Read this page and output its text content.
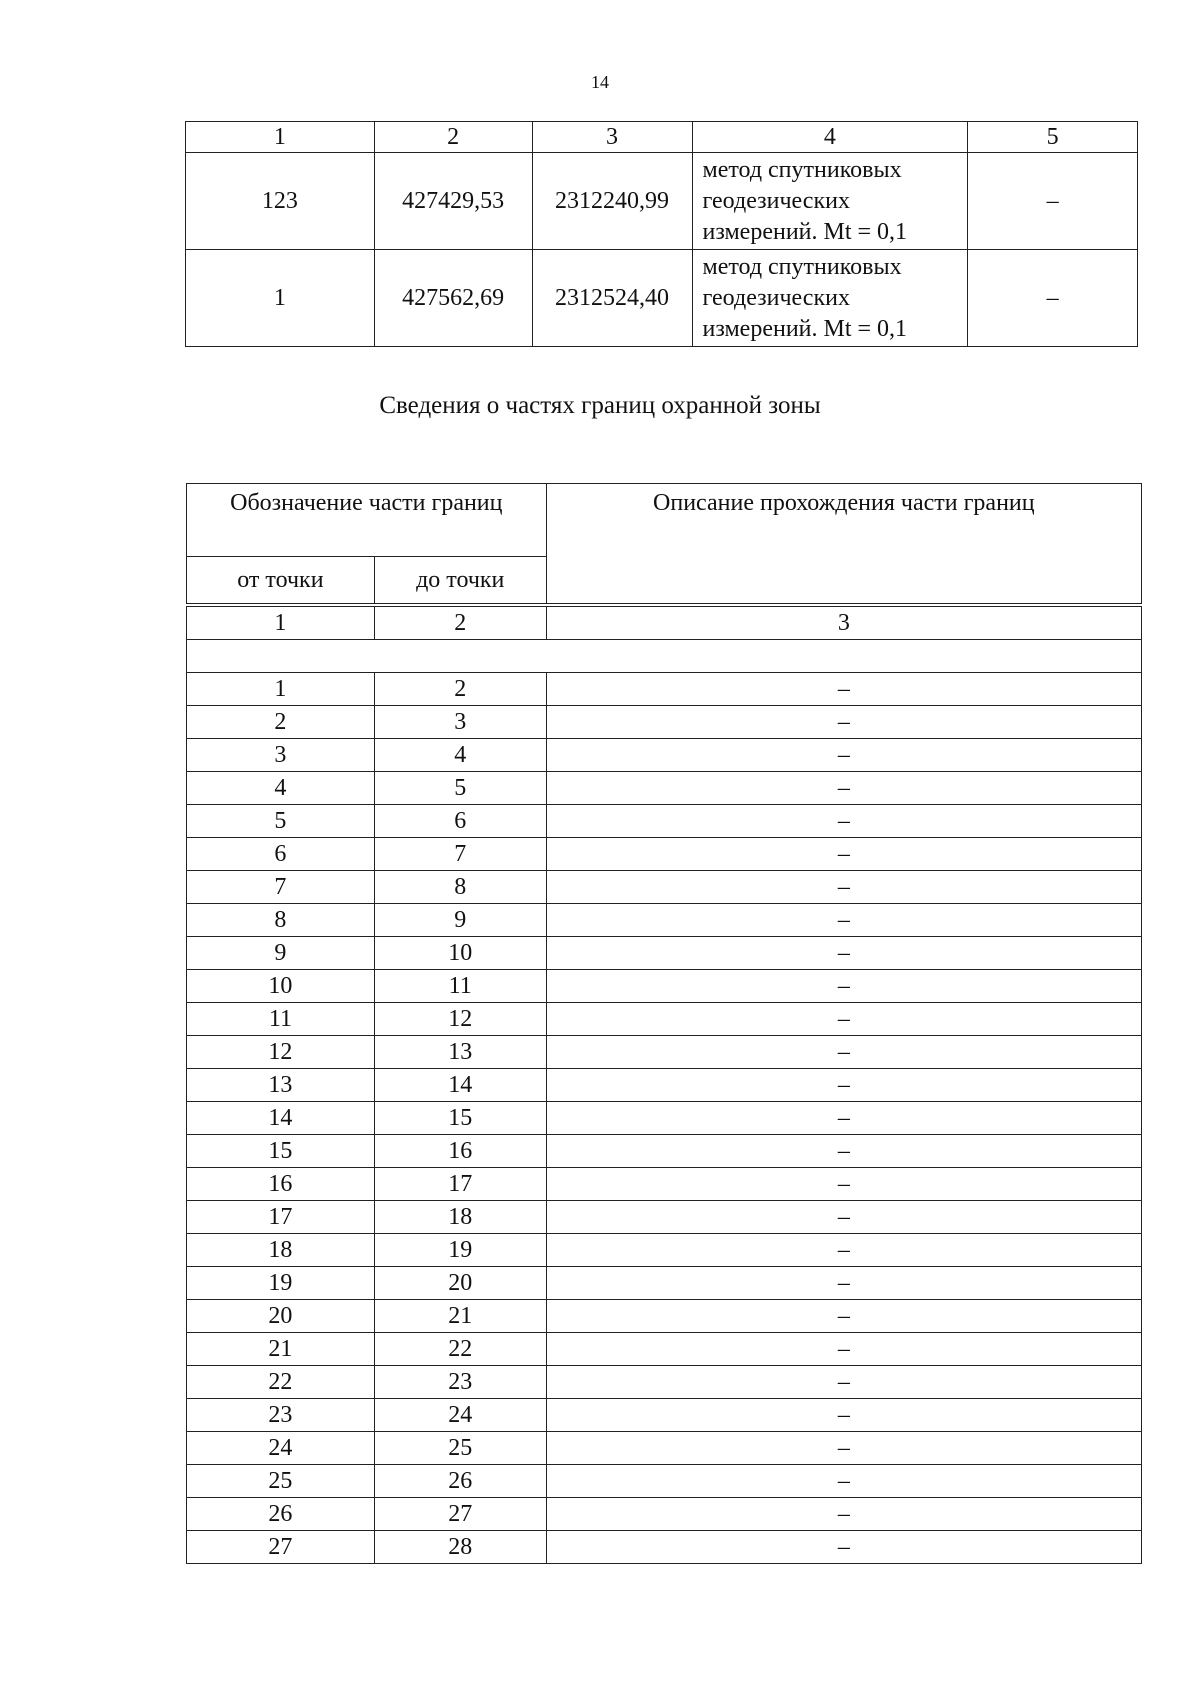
14
1	2	3	4	5
123	427429,53	2312240,99	метод спутниковых
геодезических
измерений. Mt = 0,1	–
1	427562,69	2312524,40	метод спутниковых
геодезических
измерений. Mt = 0,1	–
Сведения о частях границ охранной зоны
Обозначение части границ		Описание прохождения части границ
от точки	до точки	
1	2	3

1	2	–
2	3	–
3	4	–
4	5	–
5	6	–
6	7	–
7	8	–
8	9	–
9	10	–
10	11	–
11	12	–
12	13	–
13	14	–
14	15	–
15	16	–
16	17	–
17	18	–
18	19	–
19	20	–
20	21	–
21	22	–
22	23	–
23	24	–
24	25	–
25	26	–
26	27	–
27	28	–
